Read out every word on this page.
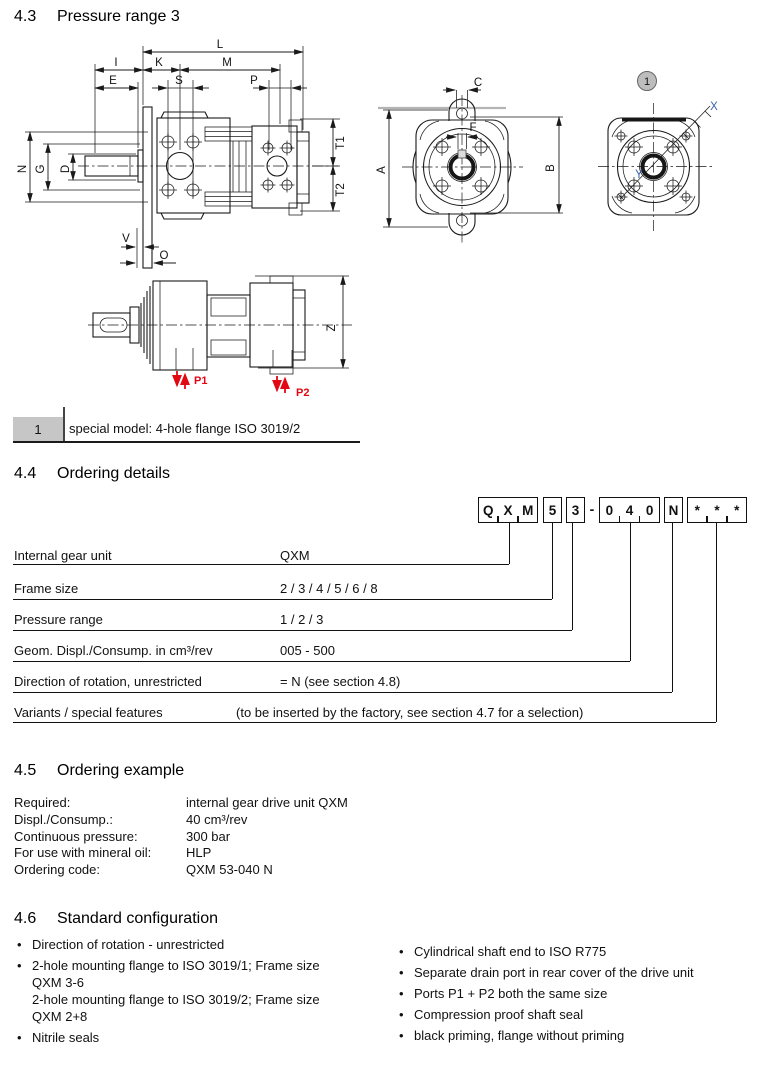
4.3 Pressure range 3
L
I	K	M
E	S	P
N G D
T1
T2
V
O
C
F
A	B
1
X
Y
Z
P1
P2
1 special model: 4-hole flange ISO 3019/2
4.4 Ordering details
Q X M	5	3 - 0 4 0	N	*	*	*
Internal gear unit	QXM
Frame size	2 / 3 / 4 / 5 / 6 / 8
Pressure range	1 / 2 / 3
Geom. Displ./Consump. in cm³/rev	005 - 500
Direction of rotation, unrestricted	= N (see section 4.8)
Variants / special features	(to be inserted by the factory, see section 4.7 for a selection)
4.5 Ordering example
Required:	internal gear drive unit QXM
Displ./Consump.:	40 cm³/rev
Continuous pressure:	300 bar
For use with mineral oil:	HLP
Ordering code:	QXM 53-040 N
4.6 Standard configuration
• Direction of rotation - unrestricted
• 2-hole mounting flange to ISO 3019/1; Frame size
QXM 3-6
2-hole mounting flange to ISO 3019/2; Frame size
QXM 2+8
• Nitrile seals
• Cylindrical shaft end to ISO R775
• Separate drain port in rear cover of the drive unit
• Ports P1 + P2 both the same size
• Compression proof shaft seal
• black priming, flange without priming
